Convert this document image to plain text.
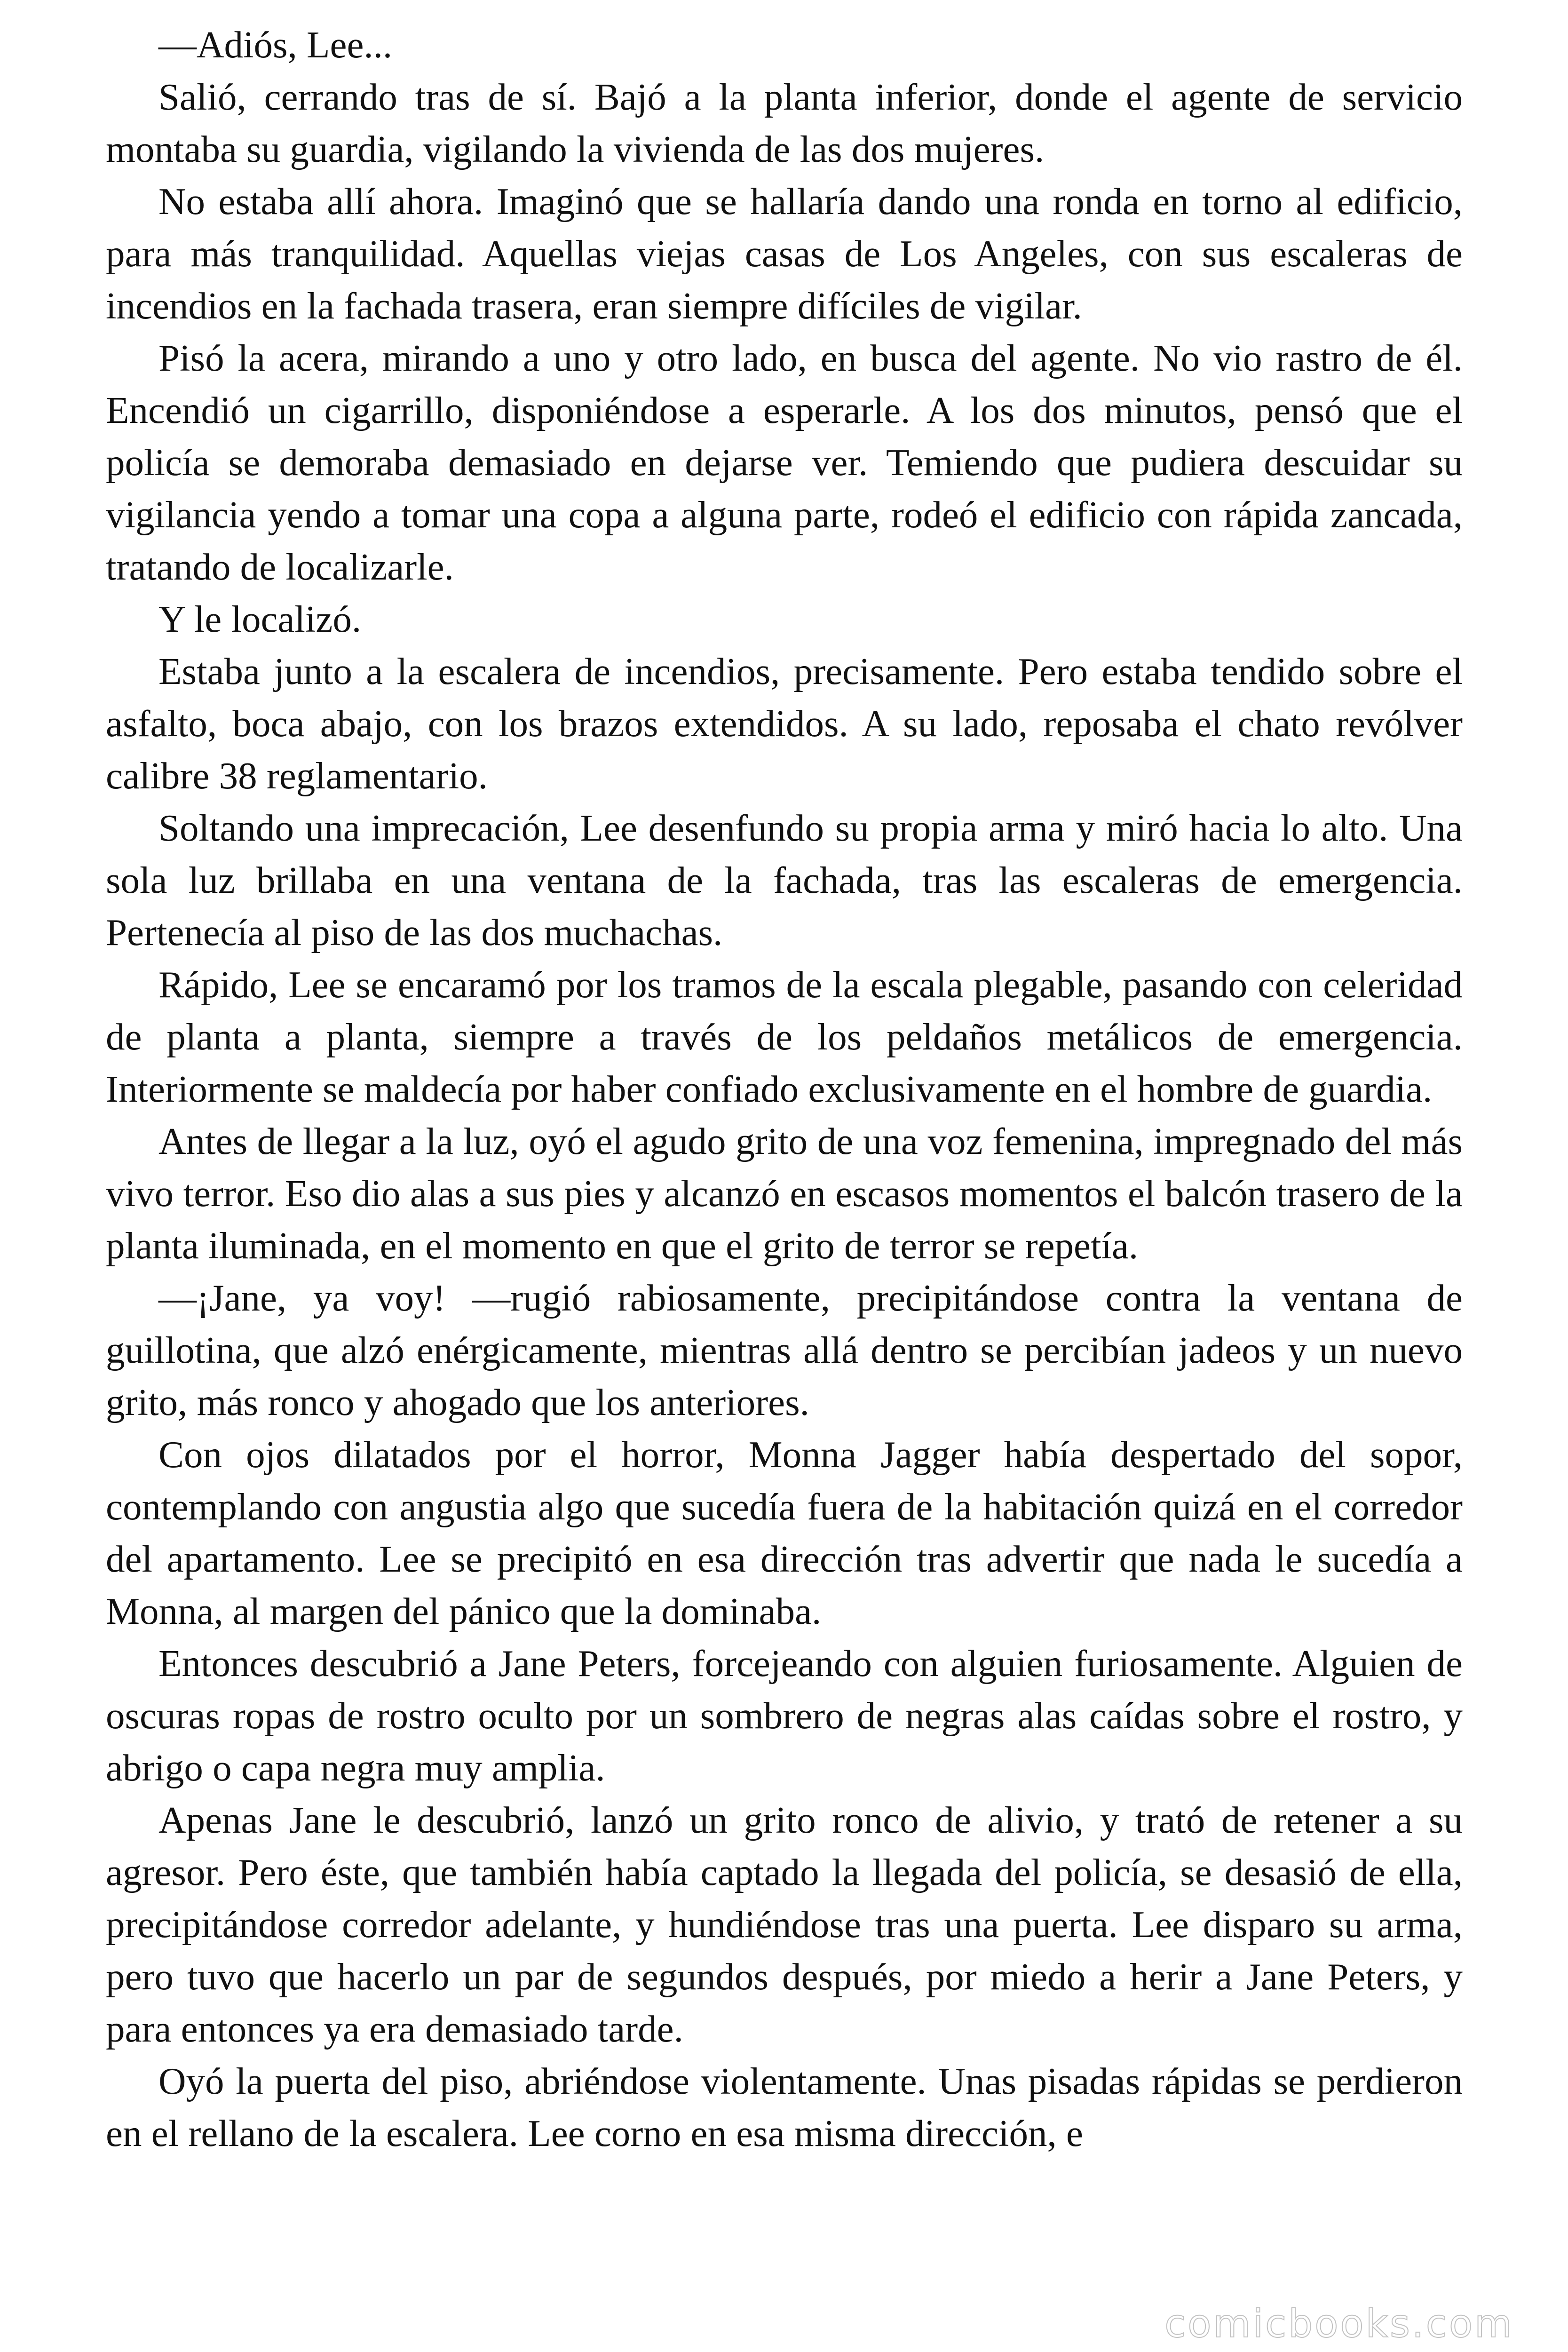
—Adiós, Lee...

Salió, cerrando tras de sí. Bajó a la planta inferior, donde el agente de servicio montaba su guardia, vigilando la vivienda de las dos mujeres.

No estaba allí ahora. Imaginó que se hallaría dando una ronda en torno al edificio, para más tranquilidad. Aquellas viejas casas de Los Angeles, con sus escaleras de incendios en la fachada trasera, eran siempre difíciles de vigilar.

Pisó la acera, mirando a uno y otro lado, en busca del agente. No vio rastro de él. Encendió un cigarrillo, disponiéndose a esperarle. A los dos minutos, pensó que el policía se demoraba demasiado en dejarse ver. Temiendo que pudiera descuidar su vigilancia yendo a tomar una copa a alguna parte, rodeó el edificio con rápida zancada, tratando de localizarle.

Y le localizó.

Estaba junto a la escalera de incendios, precisamente. Pero estaba tendido sobre el asfalto, boca abajo, con los brazos extendidos. A su lado, reposaba el chato revólver calibre 38 reglamentario.

Soltando una imprecación, Lee desenfundo su propia arma y miró hacia lo alto. Una sola luz brillaba en una ventana de la fachada, tras las escaleras de emergencia. Pertenecía al piso de las dos muchachas.

Rápido, Lee se encaramó por los tramos de la escala plegable, pasando con celeridad de planta a planta, siempre a través de los peldaños metálicos de emergencia. Interiormente se maldecía por haber confiado exclusivamente en el hombre de guardia.

Antes de llegar a la luz, oyó el agudo grito de una voz femenina, impregnado del más vivo terror. Eso dio alas a sus pies y alcanzó en escasos momentos el balcón trasero de la planta iluminada, en el momento en que el grito de terror se repetía.

—¡Jane, ya voy! —rugió rabiosamente, precipitándose contra la ventana de guillotina, que alzó enérgicamente, mientras allá dentro se percibían jadeos y un nuevo grito, más ronco y ahogado que los anteriores.

Con ojos dilatados por el horror, Monna Jagger había despertado del sopor, contemplando con angustia algo que sucedía fuera de la habitación quizá en el corredor del apartamento. Lee se precipitó en esa dirección tras advertir que nada le sucedía a Monna, al margen del pánico que la dominaba.

Entonces descubrió a Jane Peters, forcejeando con alguien furiosamente. Alguien de oscuras ropas de rostro oculto por un sombrero de negras alas caídas sobre el rostro, y abrigo o capa negra muy amplia.

Apenas Jane le descubrió, lanzó un grito ronco de alivio, y trató de retener a su agresor. Pero éste, que también había captado la llegada del policía, se desasió de ella, precipitándose corredor adelante, y hundiéndose tras una puerta. Lee disparo su arma, pero tuvo que hacerlo un par de segundos después, por miedo a herir a Jane Peters, y para entonces ya era demasiado tarde.

Oyó la puerta del piso, abriéndose violentamente. Unas pisadas rápidas se perdieron en el rellano de la escalera. Lee corno en esa misma dirección, e

comicbooks.com
